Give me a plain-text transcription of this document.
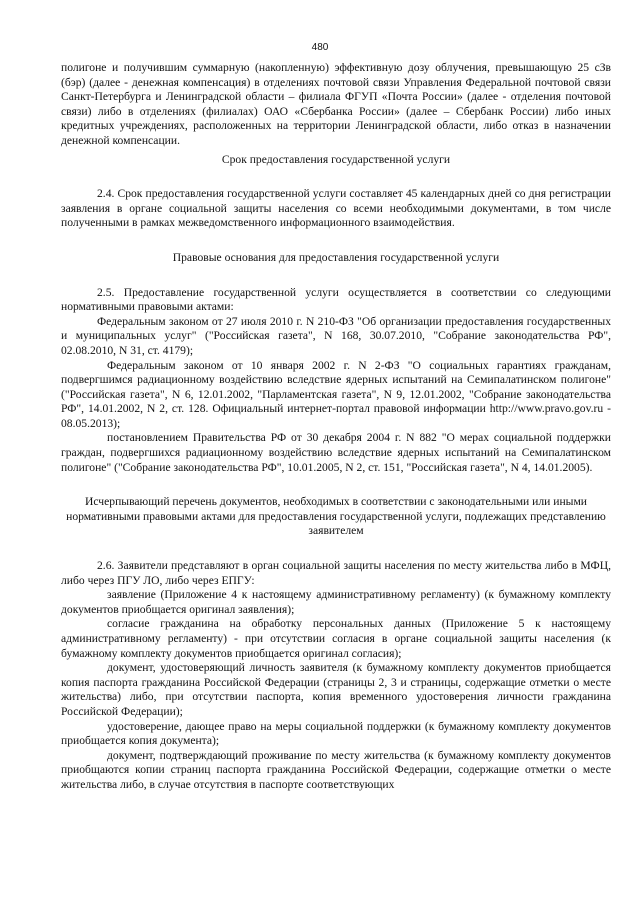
480

полигоне и получившим суммарную (накопленную) эффективную дозу облучения, превышающую 25 сЗв (бэр) (далее - денежная компенсация) в отделениях почтовой связи Управления Федеральной почтовой связи Санкт-Петербурга и Ленинградской области – филиала ФГУП «Почта России» (далее - отделения почтовой связи) либо в отделениях (филиалах) ОАО «Сбербанка России» (далее – Сбербанк России) либо иных кредитных учреждениях, расположенных на территории Ленинградской области, либо отказ в назначении денежной компенсации.

Срок предоставления государственной услуги

2.4. Срок предоставления государственной услуги составляет 45 календарных дней со дня регистрации заявления в органе социальной защиты населения со всеми необходимыми документами, в том числе полученными в рамках межведомственного информационного взаимодействия.

Правовые основания для предоставления государственной услуги

2.5. Предоставление государственной услуги осуществляется в соответствии со следующими нормативными правовыми актами:

Федеральным законом от 27 июля 2010 г. N 210-ФЗ "Об организации предоставления государственных и муниципальных услуг" ("Российская газета", N 168, 30.07.2010, "Собрание законодательства РФ", 02.08.2010, N 31, ст. 4179);

Федеральным законом от 10 января 2002 г. N 2-ФЗ "О социальных гарантиях гражданам, подвергшимся радиационному воздействию вследствие ядерных испытаний на Семипалатинском полигоне" ("Российская газета", N 6, 12.01.2002, "Парламентская газета", N 9, 12.01.2002, "Собрание законодательства РФ", 14.01.2002, N 2, ст. 128. Официальный интернет-портал правовой информации http://www.pravo.gov.ru - 08.05.2013);

постановлением Правительства РФ от 30 декабря 2004 г. N 882 "О мерах социальной поддержки граждан, подвергшихся радиационному воздействию вследствие ядерных испытаний на Семипалатинском полигоне" ("Собрание законодательства РФ", 10.01.2005, N 2, ст. 151, "Российская газета", N 4, 14.01.2005).

Исчерпывающий перечень документов, необходимых в соответствии с законодательными или иными нормативными правовыми актами для предоставления государственной услуги, подлежащих представлению заявителем

2.6. Заявители представляют в орган социальной защиты населения по месту жительства либо в МФЦ, либо через ПГУ ЛО, либо через ЕПГУ:

заявление (Приложение 4 к настоящему административному регламенту) (к бумажному комплекту документов приобщается оригинал заявления);

согласие гражданина на обработку персональных данных (Приложение 5 к настоящему административному регламенту) - при отсутствии согласия в органе социальной защиты населения (к бумажному комплекту документов приобщается оригинал согласия);

документ, удостоверяющий личность заявителя (к бумажному комплекту документов приобщается копия паспорта гражданина Российской Федерации (страницы 2, 3 и страницы, содержащие отметки о месте жительства) либо, при отсутствии паспорта, копия временного удостоверения личности гражданина Российской Федерации);

удостоверение, дающее право на меры социальной поддержки (к бумажному комплекту документов приобщается копия документа);

документ, подтверждающий проживание по месту жительства (к бумажному комплекту документов приобщаются копии страниц паспорта гражданина Российской Федерации, содержащие отметки о месте жительства либо, в случае отсутствия в паспорте соответствующих
